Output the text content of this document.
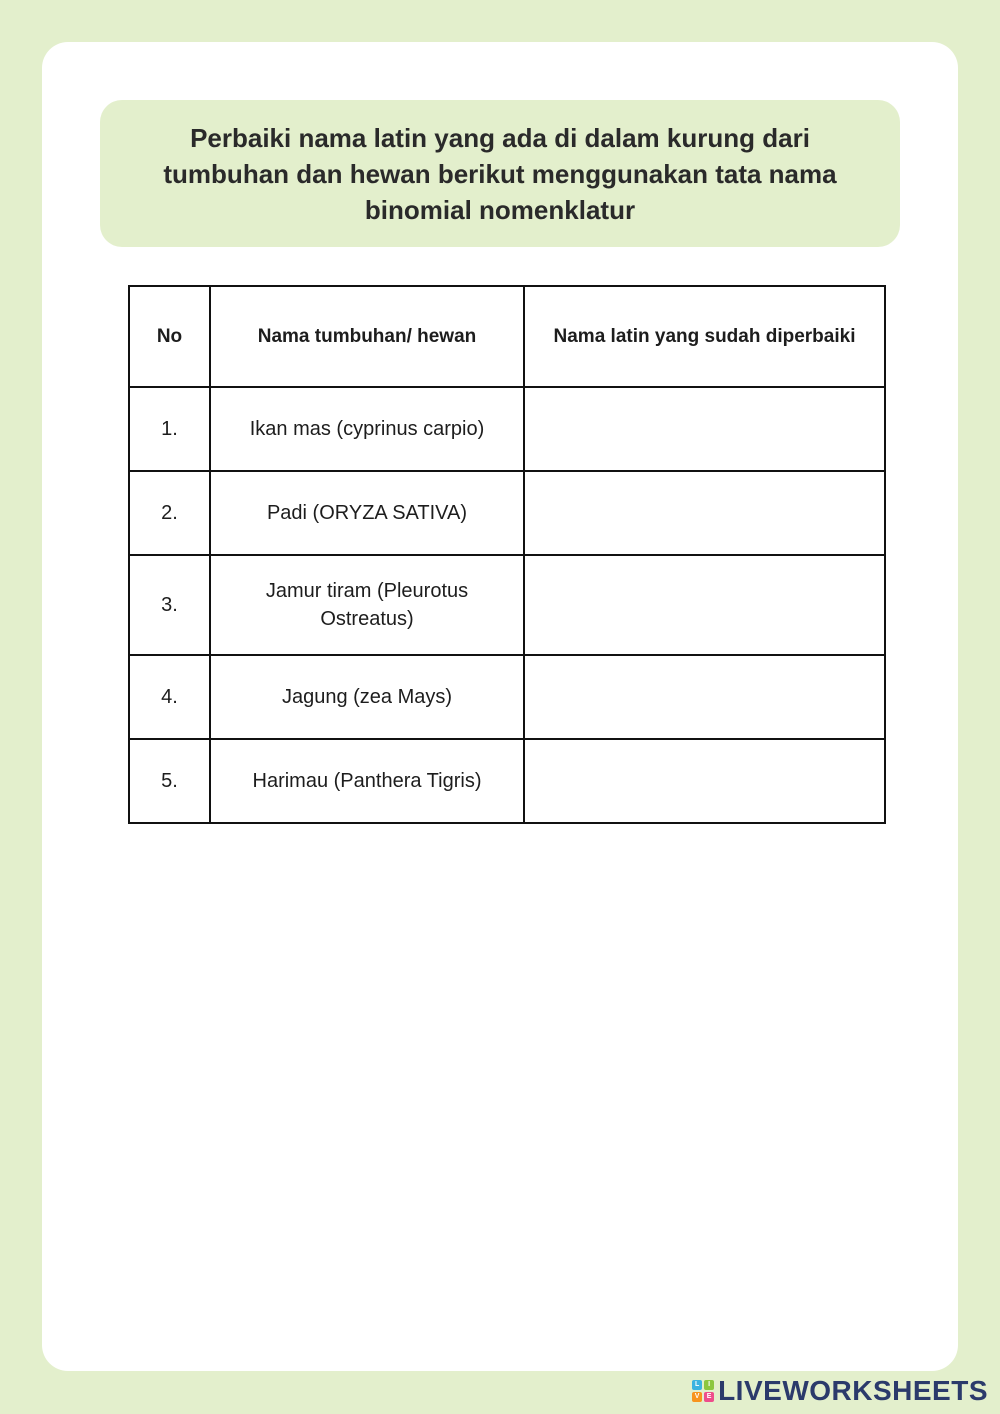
Perbaiki nama latin yang ada di dalam kurung dari tumbuhan dan hewan berikut menggunakan tata nama binomial nomenklatur

No	Nama tumbuhan/ hewan	Nama latin yang sudah diperbaiki
1.	Ikan mas (cyprinus carpio)	
2.	Padi (ORYZA SATIVA)	
3.	Jamur tiram (Pleurotus Ostreatus)	
4.	Jagung (zea Mays)	
5.	Harimau (Panthera Tigris)	
L	I
V	E LIVEWORKSHEETS
